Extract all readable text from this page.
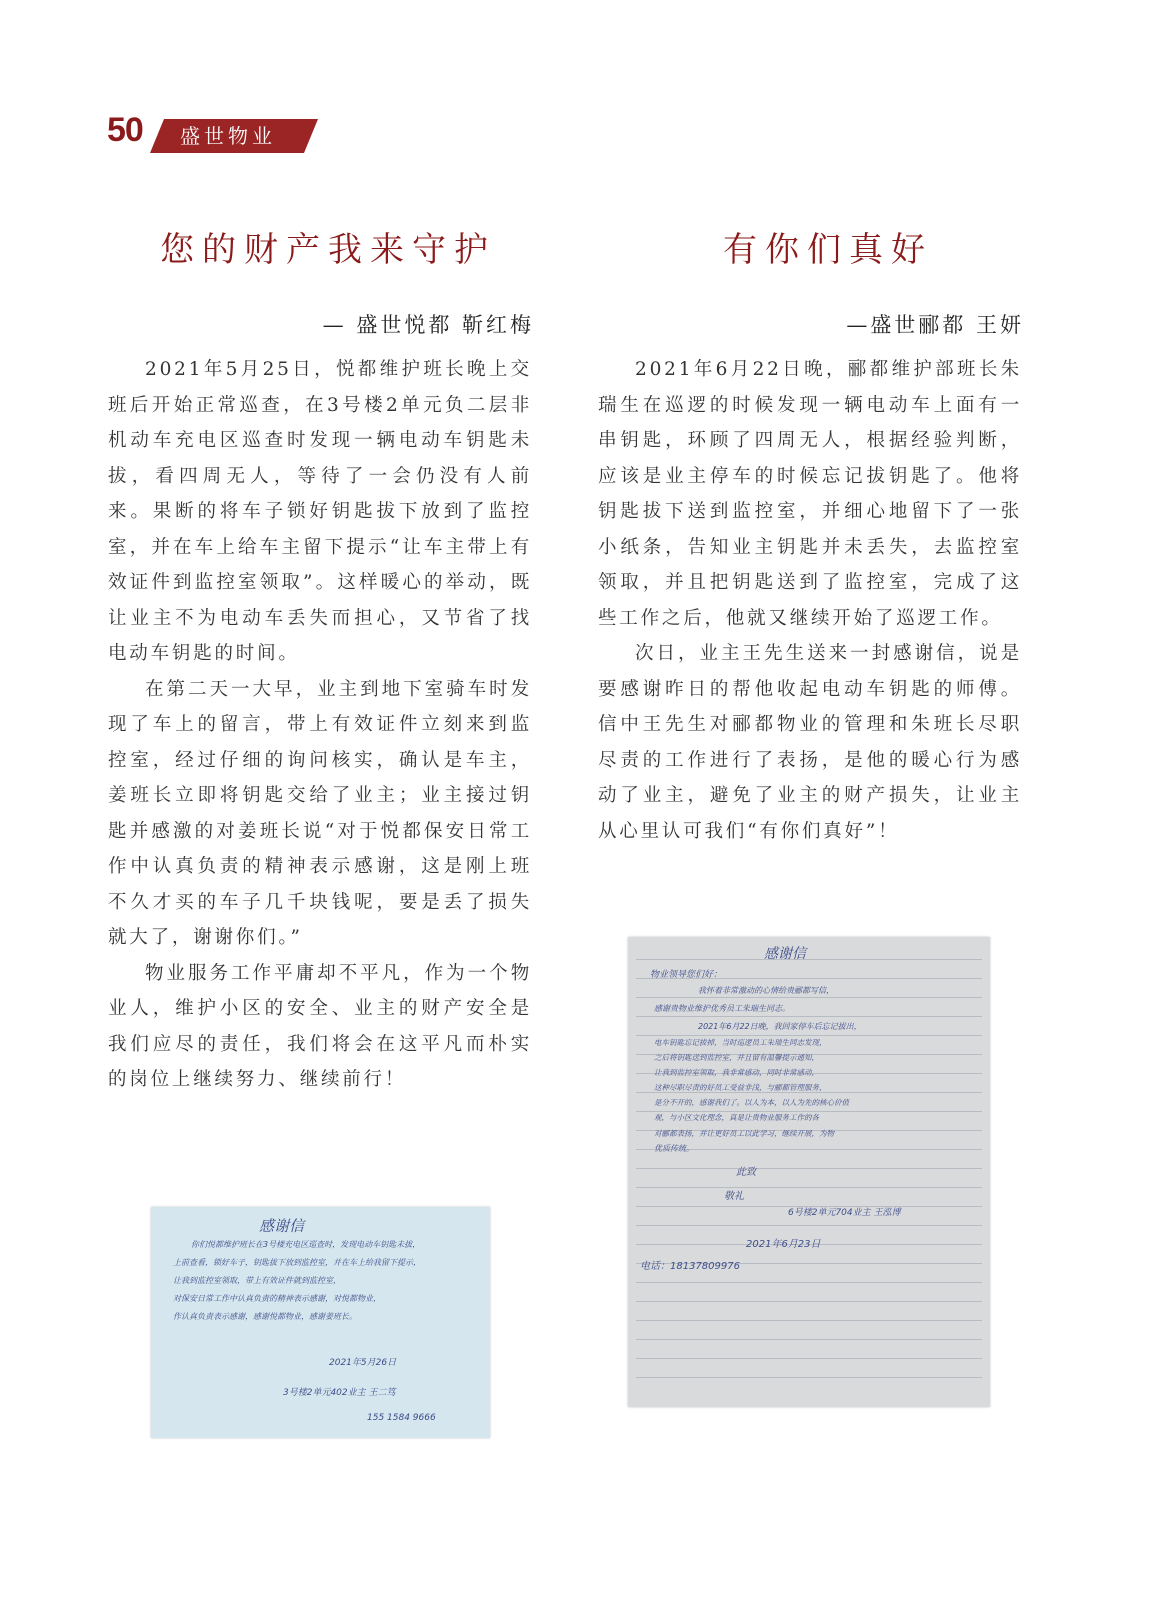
50 盛世物业
您的财产我来守护
— 盛世悦都 靳红梅

2021年5月25日，悦都维护班长晚上交班后开始正常巡查，在3号楼2单元负二层非机动车充电区巡查时发现一辆电动车钥匙未拔，看四周无人，等待了一会仍没有人前来。果断的将车子锁好钥匙拔下放到了监控室，并在车上给车主留下提示“让车主带上有效证件到监控室领取”。这样暖心的举动，既让业主不为电动车丢失而担心，又节省了找电动车钥匙的时间。

在第二天一大早，业主到地下室骑车时发现了车上的留言，带上有效证件立刻来到监控室，经过仔细的询问核实，确认是车主，姜班长立即将钥匙交给了业主；业主接过钥匙并感激的对姜班长说“对于悦都保安日常工作中认真负责的精神表示感谢，这是刚上班不久才买的车子几千块钱呢，要是丢了损失就大了，谢谢你们。”

物业服务工作平庸却不平凡，作为一个物业人，维护小区的安全、业主的财产安全是我们应尽的责任，我们将会在这平凡而朴实的岗位上继续努力、继续前行！

感谢信
你们悦都维护班长在3号楼充电区巡查时，发现电动车钥匙未拔，
上前查看，锁好车子，钥匙拔下放到监控室，并在车上给我留下提示，
让我到监控室领取，带上有效证件就到监控室，
对保安日常工作中认真负责的精神表示感谢，对悦都物业，
作认真负责表示感谢，感谢悦都物业，感谢姜班长。
2021年5月26日
3号楼2单元402业主 王二笃
155 1584 9666
有你们真好
—盛世郦都 王妍

2021年6月22日晚，郦都维护部班长朱瑞生在巡逻的时候发现一辆电动车上面有一串钥匙，环顾了四周无人，根据经验判断，应该是业主停车的时候忘记拔钥匙了。他将钥匙拔下送到监控室，并细心地留下了一张小纸条，告知业主钥匙并未丢失，去监控室领取，并且把钥匙送到了监控室，完成了这些工作之后，他就又继续开始了巡逻工作。

次日，业主王先生送来一封感谢信，说是要感谢昨日的帮他收起电动车钥匙的师傅。信中王先生对郦都物业的管理和朱班长尽职尽责的工作进行了表扬，是他的暖心行为感动了业主，避免了业主的财产损失，让业主从心里认可我们“有你们真好”！

感谢信
物业领导您们好：
我怀着非常激动的心情给贵郦都写信，
感谢贵物业维护优秀员工朱瑞生同志。
2021年6月22日晚，我回家停车后忘记拔出，
电车钥匙忘记拔掉，当时巡逻员工朱瑞生同志发现，
之后将钥匙送到监控室，并且留有温馨提示通知，
让我到监控室领取，我非常感动，同时非常感动，
这种尽职尽责的好员工受益非浅，与郦都管理服务，
是分不开的，感谢我们了。以人为本，以人为先的核心价值
观，与小区文化理念，真是让贵物业服务工作的各
对郦都表扬，并让更好员工以此学习，继续开展，为物
优质传统。
此致
敬礼
6号楼2单元704业主 王泓博
2021年6月23日
电话：18137809976
